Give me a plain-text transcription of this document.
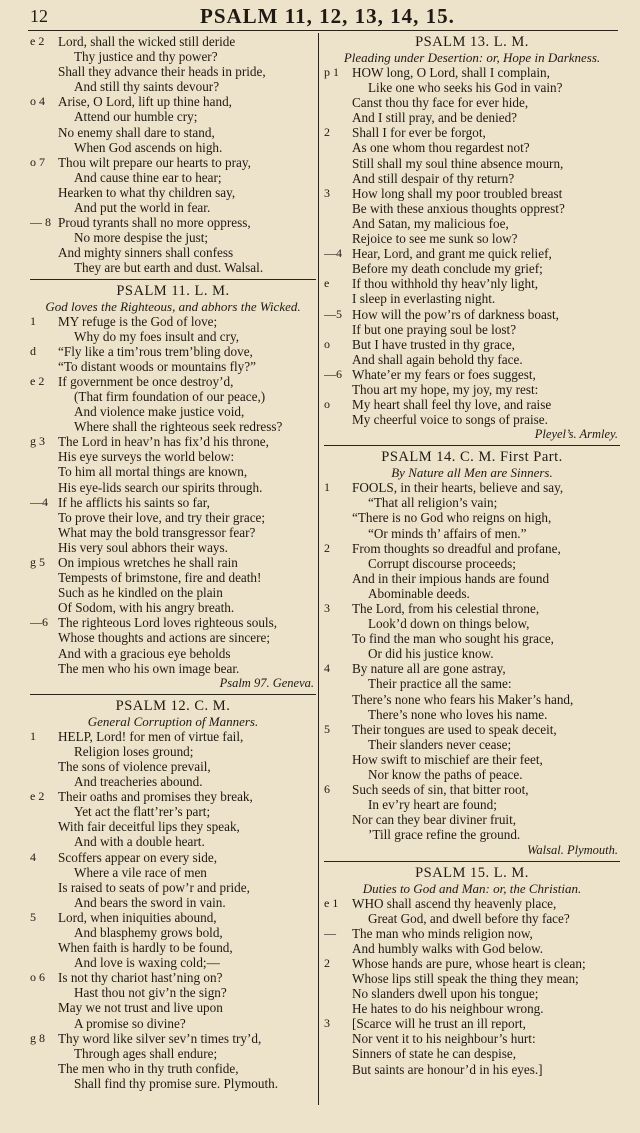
12	PSALM 11, 12, 13, 14, 15.
e 2	Lord, shall the wicked still deride
Thy justice and thy power?
Shall they advance their heads in pride,
And still thy saints devour?
o 4 Arise, O Lord, lift up thine hand,
Attend our humble cry;
No enemy shall dare to stand,
When God ascends on high.
o 7 Thou wilt prepare our hearts to pray,
And cause thine ear to hear;
Hearken to what thy children say,
And put the world in fear.
— 8 Proud tyrants shall no more oppress,
No more despise the just;
And mighty sinners shall confess
They are but earth and dust. Walsal.
PSALM 11. L. M.
God loves the Righteous, and abhors the Wicked.
1	MY refuge is the God of love;
Why do my foes insult and cry,
d	“Fly like a tim’rous trem’bling dove,
“To distant woods or mountains fly?”
e 2	If government be once destroy’d,
(That firm foundation of our peace,)
And violence make justice void,
Where shall the righteous seek redress?
g 3 The Lord in heav’n has fix’d his throne,
His eye surveys the world below:
To him all mortal things are known,
His eye-lids search our spirits through.
—4 If he afflicts his saints so far,
To prove their love, and try their grace;
What may the bold transgressor fear?
His very soul abhors their ways.
g 5 On impious wretches he shall rain
Tempests of brimstone, fire and death!
Such as he kindled on the plain
Of Sodom, with his angry breath.
—6 The righteous Lord loves righteous souls,
Whose thoughts and actions are sincere;
And with a gracious eye beholds
The men who his own image bear.
Psalm 97. Geneva.
PSALM 12. C. M.
General Corruption of Manners.
1	HELP, Lord! for men of virtue fail,
Religion loses ground;
The sons of violence prevail,
And treacheries abound.
e 2	Their oaths and promises they break,
Yet act the flatt’rer’s part;
With fair deceitful lips they speak,
And with a double heart.
4	Scoffers appear on every side,
Where a vile race of men
Is raised to seats of pow’r and pride,
And bears the sword in vain.
5	Lord, when iniquities abound,
And blasphemy grows bold,
When faith is hardly to be found,
And love is waxing cold;—
o 6 Is not thy chariot hast’ning on?
Hast thou not giv’n the sign?
May we not trust and live upon
A promise so divine?
g 8 Thy word like silver sev’n times try’d,
Through ages shall endure;
The men who in thy truth confide,
Shall find thy promise sure. Plymouth.
PSALM 13. L. M.
Pleading under Desertion: or, Hope in Darkness.
p 1 HOW long, O Lord, shall I complain,
Like one who seeks his God in vain?
Canst thou thy face for ever hide,
And I still pray, and be denied?
2	Shall I for ever be forgot,
As one whom thou regardest not?
Still shall my soul thine absence mourn,
And still despair of thy return?
3	How long shall my poor troubled breast
Be with these anxious thoughts opprest?
And Satan, my malicious foe,
Rejoice to see me sunk so low?
—4 Hear, Lord, and grant me quick relief,
Before my death conclude my grief;
e	If thou withhold thy heav’nly light,
I sleep in everlasting night.
—5 How will the pow’rs of darkness boast,
If but one praying soul be lost?
o	But I have trusted in thy grace,
And shall again behold thy face.
—6 Whate’er my fears or foes suggest,
Thou art my hope, my joy, my rest:
o	My heart shall feel thy love, and raise
My cheerful voice to songs of praise.
Pleyel’s. Armley.
PSALM 14. C. M. First Part.
By Nature all Men are Sinners.
1	FOOLS, in their hearts, believe and say,
“That all religion’s vain;
“There is no God who reigns on high,
“Or minds th’ affairs of men.”
2	From thoughts so dreadful and profane,
Corrupt discourse proceeds;
And in their impious hands are found
Abominable deeds.
3	The Lord, from his celestial throne,
Look’d down on things below,
To find the man who sought his grace,
Or did his justice know.
4	By nature all are gone astray,
Their practice all the same:
There’s none who fears his Maker’s hand,
There’s none who loves his name.
5	Their tongues are used to speak deceit,
Their slanders never cease;
How swift to mischief are their feet,
Nor know the paths of peace.
6	Such seeds of sin, that bitter root,
In ev’ry heart are found;
Nor can they bear diviner fruit,
’Till grace refine the ground.
Walsal. Plymouth.
PSALM 15. L. M.
Duties to God and Man: or, the Christian.
e 1	WHO shall ascend thy heavenly place,
Great God, and dwell before thy face?
—	The man who minds religion now,
And humbly walks with God below.
2	Whose hands are pure, whose heart is clean;
Whose lips still speak the thing they mean;
No slanders dwell upon his tongue;
He hates to do his neighbour wrong.
3	[Scarce will he trust an ill report,
Nor vent it to his neighbour’s hurt:
Sinners of state he can despise,
But saints are honour’d in his eyes.]
